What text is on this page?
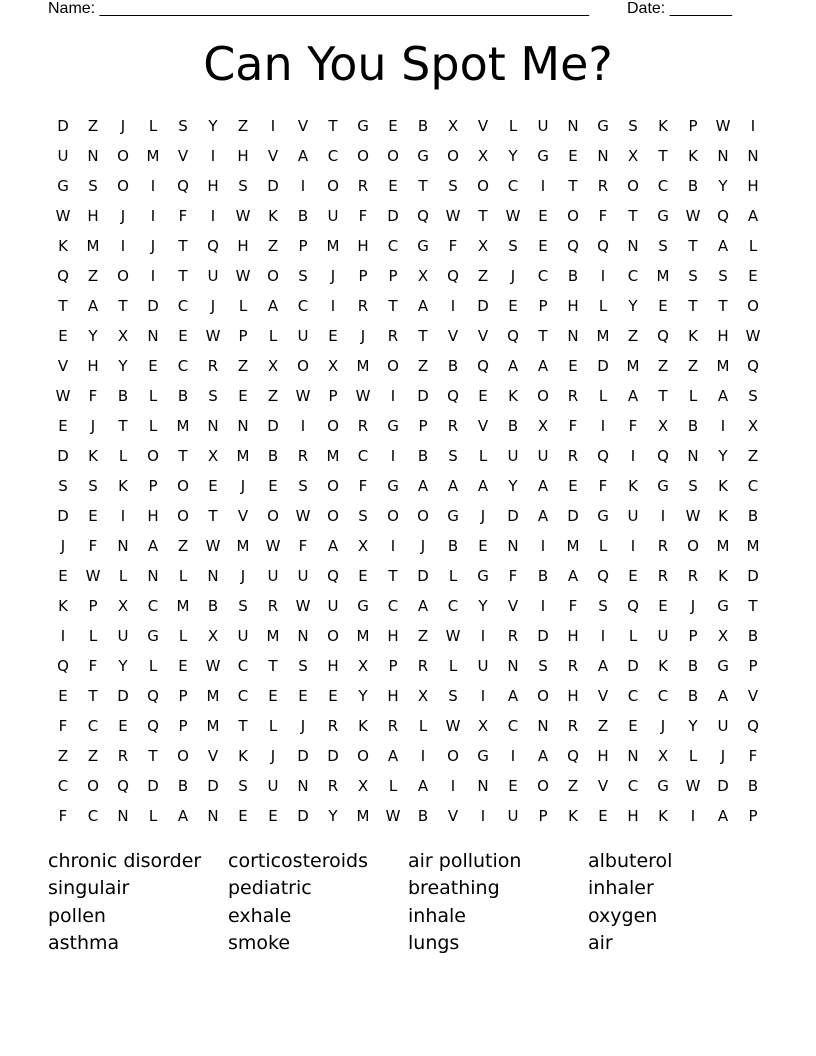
Name: _______________________________________________________ Date: _______
Can You Spot Me?
D	Z	J	L	S	Y	Z	I	V	T	G	E	B	X	V	L	U	N	G	S	K	P	W	I
U	N	O	M	V	I	H	V	A	C	O	O	G	O	X	Y	G	E	N	X	T	K	N	N
G	S	O	I	Q	H	S	D	I	O	R	E	T	S	O	C	I	T	R	O	C	B	Y	H
W	H	J	I	F	I	W	K	B	U	F	D	Q	W	T	W	E	O	F	T	G	W	Q	A
K	M	I	J	T	Q	H	Z	P	M	H	C	G	F	X	S	E	Q	Q	N	S	T	A	L
Q	Z	O	I	T	U	W	O	S	J	P	P	X	Q	Z	J	C	B	I	C	M	S	S	E
T	A	T	D	C	J	L	A	C	I	R	T	A	I	D	E	P	H	L	Y	E	T	T	O
E	Y	X	N	E	W	P	L	U	E	J	R	T	V	V	Q	T	N	M	Z	Q	K	H	W
V	H	Y	E	C	R	Z	X	O	X	M	O	Z	B	Q	A	A	E	D	M	Z	Z	M	Q
W	F	B	L	B	S	E	Z	W	P	W	I	D	Q	E	K	O	R	L	A	T	L	A	S
E	J	T	L	M	N	N	D	I	O	R	G	P	R	V	B	X	F	I	F	X	B	I	X
D	K	L	O	T	X	M	B	R	M	C	I	B	S	L	U	U	R	Q	I	Q	N	Y	Z
S	S	K	P	O	E	J	E	S	O	F	G	A	A	A	Y	A	E	F	K	G	S	K	C
D	E	I	H	O	T	V	O	W	O	S	O	O	G	J	D	A	D	G	U	I	W	K	B
J	F	N	A	Z	W	M	W	F	A	X	I	J	B	E	N	I	M	L	I	R	O	M	M
E	W	L	N	L	N	J	U	U	Q	E	T	D	L	G	F	B	A	Q	E	R	R	K	D
K	P	X	C	M	B	S	R	W	U	G	C	A	C	Y	V	I	F	S	Q	E	J	G	T
I	L	U	G	L	X	U	M	N	O	M	H	Z	W	I	R	D	H	I	L	U	P	X	B
Q	F	Y	L	E	W	C	T	S	H	X	P	R	L	U	N	S	R	A	D	K	B	G	P
E	T	D	Q	P	M	C	E	E	E	Y	H	X	S	I	A	O	H	V	C	C	B	A	V
F	C	E	Q	P	M	T	L	J	R	K	R	L	W	X	C	N	R	Z	E	J	Y	U	Q
Z	Z	R	T	O	V	K	J	D	D	O	A	I	O	G	I	A	Q	H	N	X	L	J	F
C	O	Q	D	B	D	S	U	N	R	X	L	A	I	N	E	O	Z	V	C	G	W	D	B
F	C	N	L	A	N	E	E	D	Y	M	W	B	V	I	U	P	K	E	H	K	I	A	P
chronic disorder	corticosteroids	air pollution	albuterol
singulair	pediatric	breathing	inhaler
pollen	exhale	inhale	oxygen
asthma	smoke	lungs	air
